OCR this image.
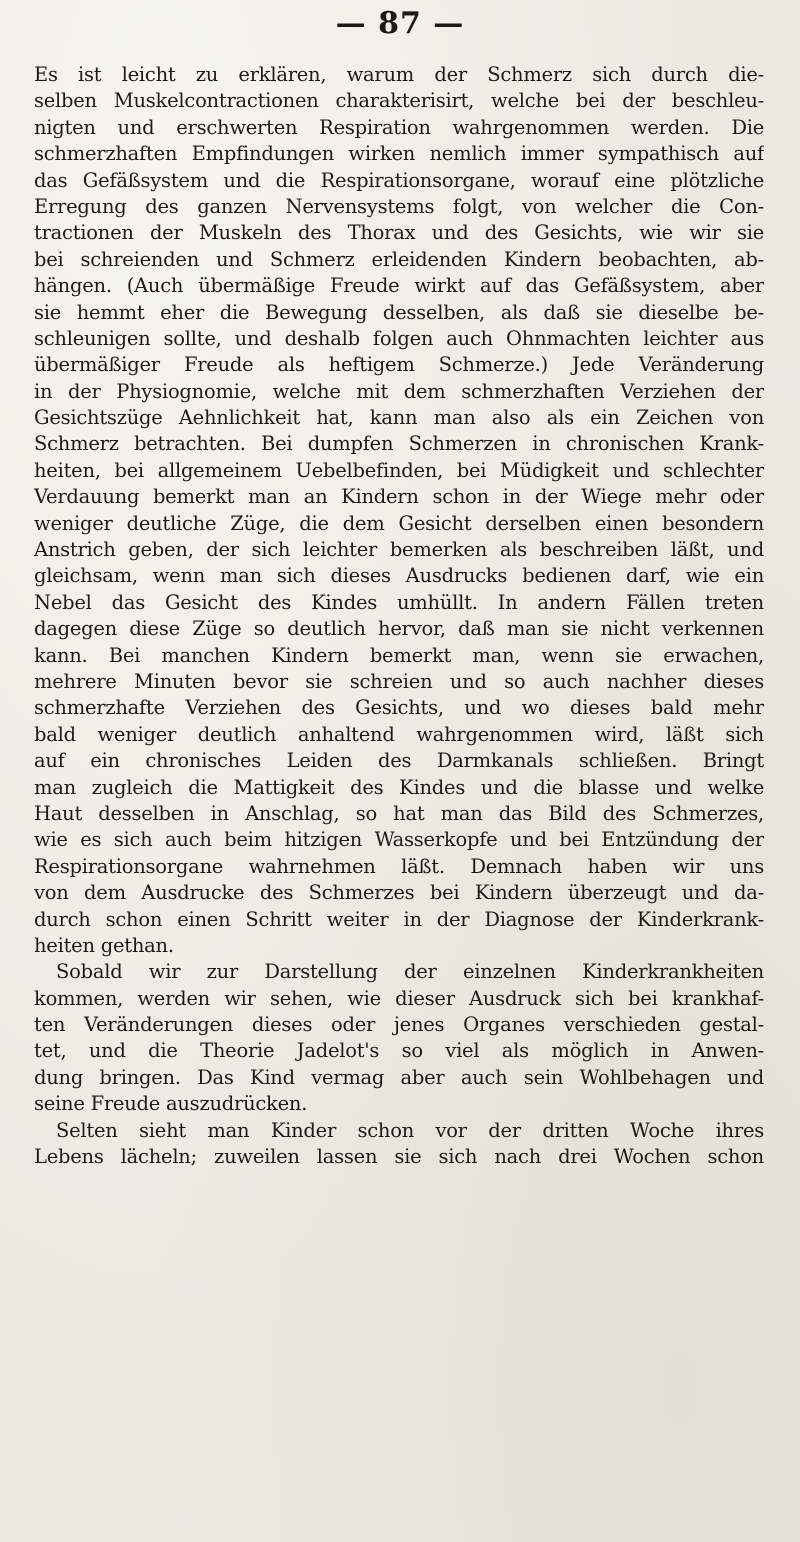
— 87 —
Es ist leicht zu erklären, warum der Schmerz sich durch die-
selben Muskelcontractionen charakterisirt, welche bei der beschleu-
nigten und erschwerten Respiration wahrgenommen werden. Die
schmerzhaften Empfindungen wirken nemlich immer sympathisch auf
das Gefäßsystem und die Respirationsorgane, worauf eine plötzliche
Erregung des ganzen Nervensystems folgt, von welcher die Con-
tractionen der Muskeln des Thorax und des Gesichts, wie wir sie
bei schreienden und Schmerz erleidenden Kindern beobachten, ab-
hängen. (Auch übermäßige Freude wirkt auf das Gefäßsystem, aber
sie hemmt eher die Bewegung desselben, als daß sie dieselbe be-
schleunigen sollte, und deshalb folgen auch Ohnmachten leichter aus
übermäßiger Freude als heftigem Schmerze.) Jede Veränderung
in der Physiognomie, welche mit dem schmerzhaften Verziehen der
Gesichtszüge Aehnlichkeit hat, kann man also als ein Zeichen von
Schmerz betrachten. Bei dumpfen Schmerzen in chronischen Krank-
heiten, bei allgemeinem Uebelbefinden, bei Müdigkeit und schlechter
Verdauung bemerkt man an Kindern schon in der Wiege mehr oder
weniger deutliche Züge, die dem Gesicht derselben einen besondern
Anstrich geben, der sich leichter bemerken als beschreiben läßt, und
gleichsam, wenn man sich dieses Ausdrucks bedienen darf, wie ein
Nebel das Gesicht des Kindes umhüllt. In andern Fällen treten
dagegen diese Züge so deutlich hervor, daß man sie nicht verkennen
kann. Bei manchen Kindern bemerkt man, wenn sie erwachen,
mehrere Minuten bevor sie schreien und so auch nachher dieses
schmerzhafte Verziehen des Gesichts, und wo dieses bald mehr
bald weniger deutlich anhaltend wahrgenommen wird, läßt sich
auf ein chronisches Leiden des Darmkanals schließen. Bringt
man zugleich die Mattigkeit des Kindes und die blasse und welke
Haut desselben in Anschlag, so hat man das Bild des Schmerzes,
wie es sich auch beim hitzigen Wasserkopfe und bei Entzündung der
Respirationsorgane wahrnehmen läßt. Demnach haben wir uns
von dem Ausdrucke des Schmerzes bei Kindern überzeugt und da-
durch schon einen Schritt weiter in der Diagnose der Kinderkrank-
heiten gethan.
Sobald wir zur Darstellung der einzelnen Kinderkrankheiten
kommen, werden wir sehen, wie dieser Ausdruck sich bei krankhaf-
ten Veränderungen dieses oder jenes Organes verschieden gestal-
tet, und die Theorie Jadelot's so viel als möglich in Anwen-
dung bringen. Das Kind vermag aber auch sein Wohlbehagen und
seine Freude auszudrücken.
Selten sieht man Kinder schon vor der dritten Woche ihres
Lebens lächeln; zuweilen lassen sie sich nach drei Wochen schon
